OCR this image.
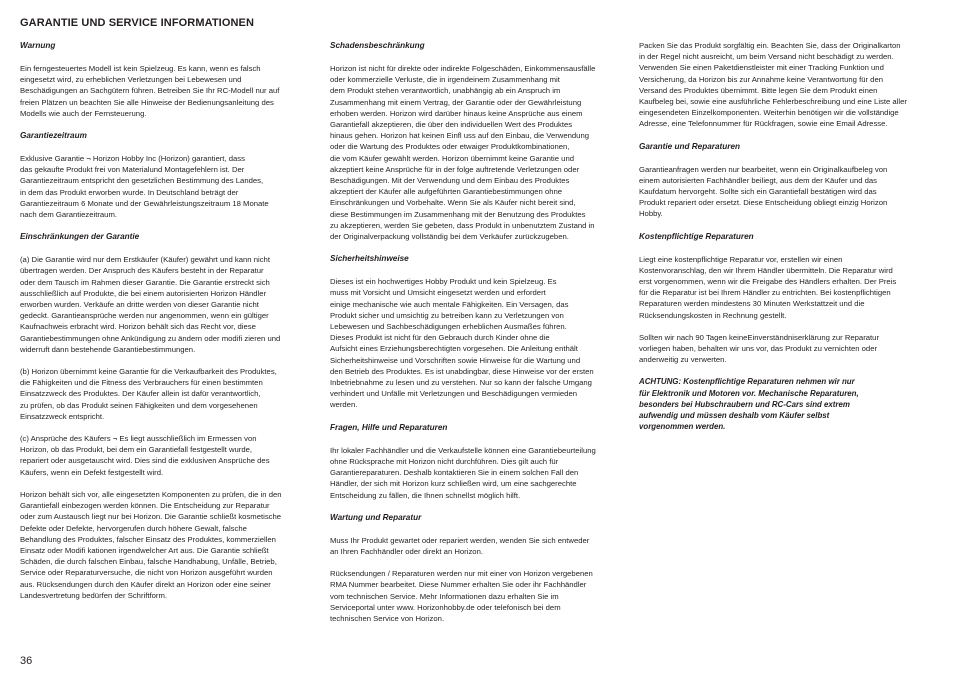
GARANTIE UND SERVICE INFORMATIONEN
Warnung

Ein ferngesteuertes Modell ist kein Spielzeug. Es kann, wenn es falsch
eingesetzt wird, zu erheblichen Verletzungen bei Lebewesen und
Beschädigungen an Sachgütern führen. Betreiben Sie Ihr RC-Modell nur auf
freien Plätzen un beachten Sie alle Hinweise der Bedienungsanleitung des
Modells wie auch der Fernsteuerung.

Garantiezeitraum

Exklusive Garantie ¬ Horizon Hobby Inc (Horizon) garantiert, dass
das gekaufte Produkt frei von Materialund Montagefehlern ist. Der
Garantiezeitraum entspricht den gesetzlichen Bestimmung des Landes,
in dem das Produkt erworben wurde. In Deutschland beträgt der
Garantiezeitraum 6 Monate und der Gewährleistungszeitraum 18 Monate
nach dem Garantiezeitraum.

Einschränkungen der Garantie

(a) Die Garantie wird nur dem Erstkäufer (Käufer) gewährt und kann nicht
übertragen werden. Der Anspruch des Käufers besteht in der Reparatur
oder dem Tausch im Rahmen dieser Garantie. Die Garantie erstreckt sich
ausschließlich auf Produkte, die bei einem autorisierten Horizon Händler
erworben wurden. Verkäufe an dritte werden von dieser Garantie nicht
gedeckt. Garantieansprüche werden nur angenommen, wenn ein gültiger
Kaufnachweis erbracht wird. Horizon behält sich das Recht vor, diese
Garantiebestimmungen ohne Ankündigung zu ändern oder modifi zieren und
widerruft dann bestehende Garantiebestimmungen.

(b) Horizon übernimmt keine Garantie für die Verkaufbarkeit des Produktes,
die Fähigkeiten und die Fitness des Verbrauchers für einen bestimmten
Einsatzzweck des Produktes. Der Käufer allein ist dafür verantwortlich,
zu prüfen, ob das Produkt seinen Fähigkeiten und dem vorgesehenen
Einsatzzweck entspricht.

(c) Ansprüche des Käufers ¬ Es liegt ausschließlich im Ermessen von
Horizon, ob das Produkt, bei dem ein Garantiefall festgestellt wurde,
repariert oder ausgetauscht wird. Dies sind die exklusiven Ansprüche des
Käufers, wenn ein Defekt festgestellt wird.

Horizon behält sich vor, alle eingesetzten Komponenten zu prüfen, die in den
Garantiefall einbezogen werden können. Die Entscheidung zur Reparatur
oder zum Austausch liegt nur bei Horizon. Die Garantie schließt kosmetische
Defekte oder Defekte, hervorgerufen durch höhere Gewalt, falsche
Behandlung des Produktes, falscher Einsatz des Produktes, kommerziellen
Einsatz oder Modifi kationen irgendwelcher Art aus. Die Garantie schließt
Schäden, die durch falschen Einbau, falsche Handhabung, Unfälle, Betrieb,
Service oder Reparaturversuche, die nicht von Horizon ausgeführt wurden
aus. Rücksendungen durch den Käufer direkt an Horizon oder eine seiner
Landesvertretung bedürfen der Schriftform.

Schadensbeschränkung

Horizon ist nicht für direkte oder indirekte Folgeschäden, Einkommensausfälle
oder kommerzielle Verluste, die in irgendeinem Zusammenhang mit
dem Produkt stehen verantwortlich, unabhängig ab ein Anspruch im
Zusammenhang mit einem Vertrag, der Garantie oder der Gewährleistung
erhoben werden. Horizon wird darüber hinaus keine Ansprüche aus einem
Garantiefall akzeptieren, die über den individuellen Wert des Produktes
hinaus gehen. Horizon hat keinen Einfl uss auf den Einbau, die Verwendung
oder die Wartung des Produktes oder etwaiger Produktkombinationen,
die vom Käufer gewählt werden. Horizon übernimmt keine Garantie und
akzeptiert keine Ansprüche für in der folge auftretende Verletzungen oder
Beschädigungen. Mit der Verwendung und dem Einbau des Produktes
akzeptiert der Käufer alle aufgeführten Garantiebestimmungen ohne
Einschränkungen und Vorbehalte. Wenn Sie als Käufer nicht bereit sind,
diese Bestimmungen im Zusammenhang mit der Benutzung des Produktes
zu akzeptieren, werden Sie gebeten, dass Produkt in unbenutztem Zustand in
der Originalverpackung vollständig bei dem Verkäufer zurückzugeben.

Sicherheitshinweise

Dieses ist ein hochwertiges Hobby Produkt und kein Spielzeug. Es
muss mit Vorsicht und Umsicht eingesetzt werden und erfordert
einige mechanische wie auch mentale Fähigkeiten. Ein Versagen, das
Produkt sicher und umsichtig zu betreiben kann zu Verletzungen von
Lebewesen und Sachbeschädigungen erheblichen Ausmaßes führen.
Dieses Produkt ist nicht für den Gebrauch durch Kinder ohne die
Aufsicht eines Erziehungsberechtigten vorgesehen. Die Anleitung enthält
Sicherheitshinweise und Vorschriften sowie Hinweise für die Wartung und
den Betrieb des Produktes. Es ist unabdingbar, diese Hinweise vor der ersten
Inbetriebnahme zu lesen und zu verstehen. Nur so kann der falsche Umgang
verhindert und Unfälle mit Verletzungen und Beschädigungen vermieden
werden.

Fragen, Hilfe und Reparaturen

Ihr lokaler Fachhändler und die Verkaufstelle können eine Garantiebeurteilung
ohne Rücksprache mit Horizon nicht durchführen. Dies gilt auch für
Garantiereparaturen. Deshalb kontaktieren Sie in einem solchen Fall den
Händler, der sich mit Horizon kurz schließen wird, um eine sachgerechte
Entscheidung zu fällen, die Ihnen schnellst möglich hilft.

Wartung und Reparatur

Muss Ihr Produkt gewartet oder repariert werden, wenden Sie sich entweder
an Ihren Fachhändler oder direkt an Horizon.

Rücksendungen / Reparaturen werden nur mit einer von Horizon vergebenen
RMA Nummer bearbeitet. Diese Nummer erhalten Sie oder ihr Fachhändler
vom technischen Service. Mehr Informationen dazu erhalten Sie im
Serviceportal unter www. Horizonhobby.de oder telefonisch bei dem
technischen Service von Horizon.

Packen Sie das Produkt sorgfältig ein. Beachten Sie, dass der Originalkarton
in der Regel nicht ausreicht, um beim Versand nicht beschädigt zu werden.
Verwenden Sie einen Paketdienstleister mit einer Tracking Funktion und
Versicherung, da Horizon bis zur Annahme keine Verantwortung für den
Versand des Produktes übernimmt. Bitte legen Sie dem Produkt einen
Kaufbeleg bei, sowie eine ausführliche Fehlerbeschreibung und eine Liste aller
eingesendeten Einzelkomponenten. Weiterhin benötigen wir die vollständige
Adresse, eine Telefonnummer für Rückfragen, sowie eine Email Adresse.

Garantie und Reparaturen

Garantieanfragen werden nur bearbeitet, wenn ein Originalkaufbeleg von
einem autorisierten Fachhändler beiliegt, aus dem der Käufer und das
Kaufdatum hervorgeht. Sollte sich ein Garantiefall bestätigen wird das
Produkt repariert oder ersetzt. Diese Entscheidung obliegt einzig Horizon
Hobby.

Kostenpflichtige Reparaturen

Liegt eine kostenpflichtige Reparatur vor, erstellen wir einen
Kostenvoranschlag, den wir Ihrem Händler übermitteln. Die Reparatur wird
erst vorgenommen, wenn wir die Freigabe des Händlers erhalten. Der Preis
für die Reparatur ist bei Ihrem Händler zu entrichten. Bei kostenpflichtigen
Reparaturen werden mindestens 30 Minuten Werkstattzeit und die
Rücksendungskosten in Rechnung gestellt.

Sollten wir nach 90 Tagen keineEinverständniserklärung zur Reparatur
vorliegen haben, behalten wir uns vor, das Produkt zu vernichten oder
anderweitig zu verwerten.

ACHTUNG: Kostenpflichtige Reparaturen nehmen wir nur
für Elektronik und Motoren vor. Mechanische Reparaturen,
besonders bei Hubschraubern und RC-Cars sind extrem
aufwendig und müssen deshalb vom Käufer selbst
vorgenommen werden.

36
